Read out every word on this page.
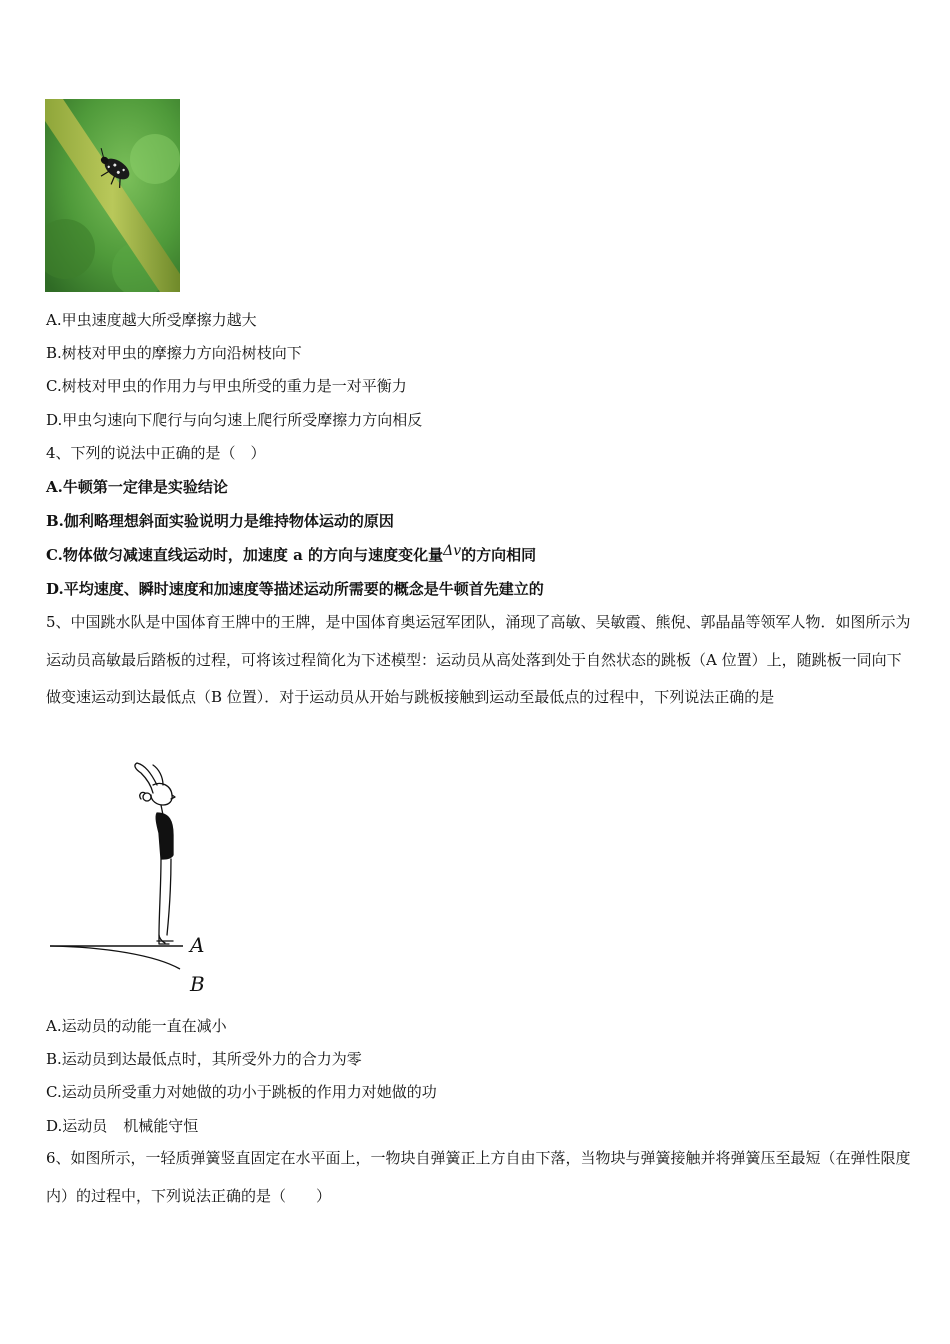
A.甲虫速度越大所受摩擦力越大
B.树枝对甲虫的摩擦力方向沿树枝向下
C.树枝对甲虫的作用力与甲虫所受的重力是一对平衡力
D.甲虫匀速向下爬行与向匀速上爬行所受摩擦力方向相反
4、下列的说法中正确的是（　）
A.牛顿第一定律是实验结论
B.伽利略理想斜面实验说明力是维持物体运动的原因
C.物体做匀减速直线运动时，加速度 a 的方向与速度变化量Δv的方向相同
D.平均速度、瞬时速度和加速度等描述运动所需要的概念是牛顿首先建立的
5、中国跳水队是中国体育王牌中的王牌，是中国体育奥运冠军团队，涌现了高敏、吴敏霞、熊倪、郭晶晶等领军人物．如图所示为运动员高敏最后踏板的过程，可将该过程简化为下述模型：运动员从高处落到处于自然状态的跳板（A 位置）上，随跳板一同向下做变速运动到达最低点（B 位置）．对于运动员从开始与跳板接触到运动至最低点的过程中，下列说法正确的是
A
B
A.运动员的动能一直在减小
B.运动员到达最低点时，其所受外力的合力为零
C.运动员所受重力对她做的功小于跳板的作用力对她做的功
D.运动员 机械能守恒
6、如图所示，一轻质弹簧竖直固定在水平面上，一物块自弹簧正上方自由下落，当物块与弹簧接触并将弹簧压至最短（在弹性限度内）的过程中，下列说法正确的是（　　）
